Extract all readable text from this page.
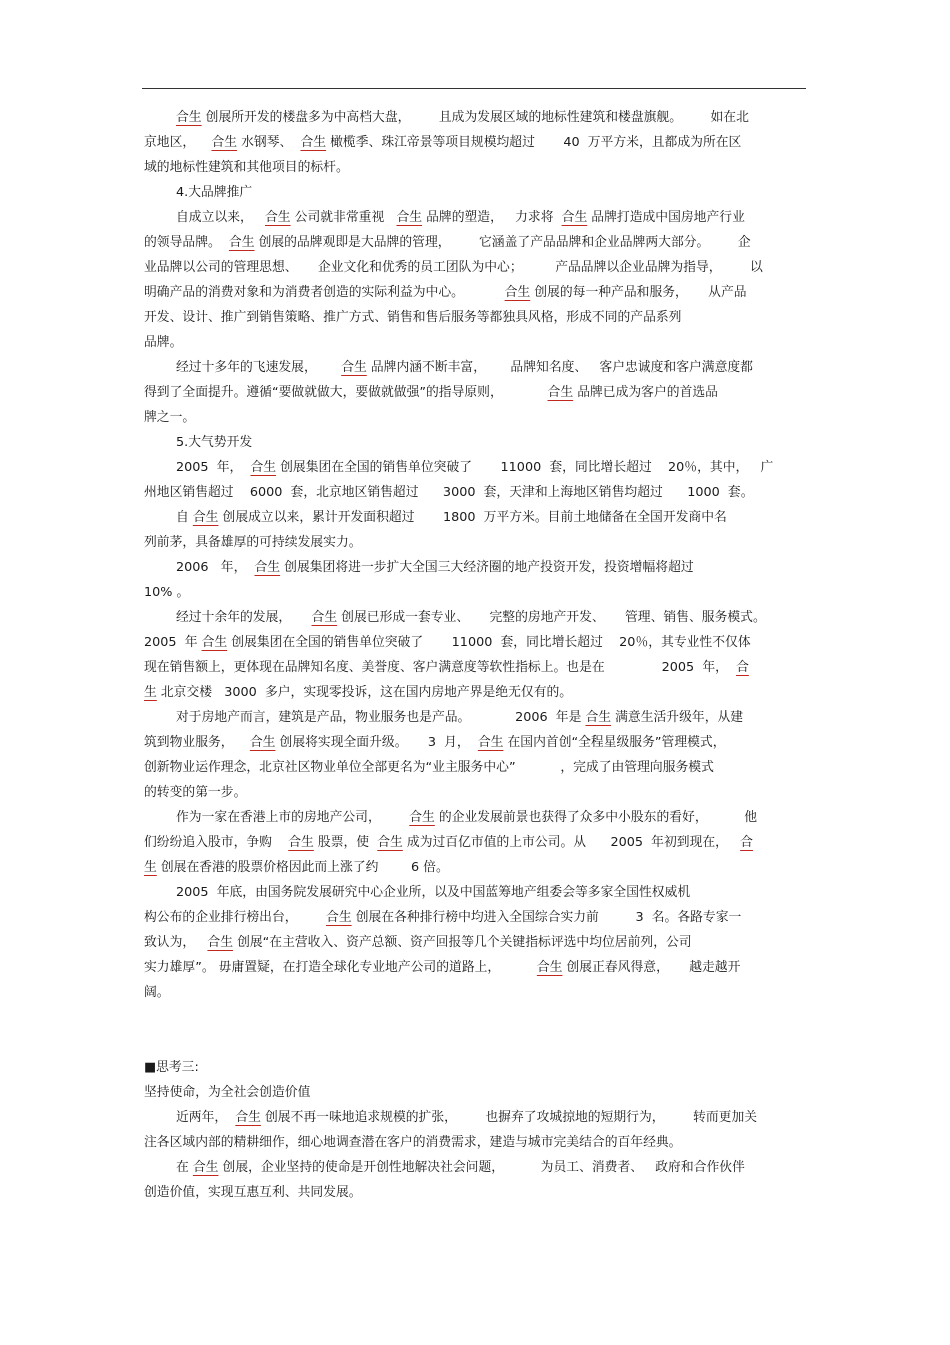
合生 创展所开发的楼盘多为中高档大盘，       且成为发展区域的地标性建筑和楼盘旗舰。       如在北
京地区，    合生 水钢琴、  合生 橄榄季、珠江帝景等项目规模均超过       40  万平方米，且都成为所在区
域的地标性建筑和其他项目的标杆。
4.大品牌推广
自成立以来，   合生 公司就非常重视   合生 品牌的塑造，   力求将  合生 品牌打造成中国房地产行业
的领导品牌。  合生 创展的品牌观即是大品牌的管理，       它涵盖了产品品牌和企业品牌两大部分。       企
业品牌以公司的管理思想、     企业文化和优秀的员工团队为中心；        产品品牌以企业品牌为指导，       以
明确产品的消费对象和为消费者创造的实际利益为中心。          合生 创展的每一种产品和服务，     从产品
开发、设计、推广到销售策略、推广方式、销售和售后服务等都独具风格，形成不同的产品系列
品牌。
经过十多年的飞速发展，      合生 品牌内涵不断丰富，      品牌知名度、   客户忠诚度和客户满意度都
得到了全面提升。遵循“要做就做大，要做就做强”的指导原则，           合生 品牌已成为客户的首选品
牌之一。
5.大气势开发
2005  年，  合生 创展集团在全国的销售单位突破了       11000  套，同比增长超过    20％，其中，   广
州地区销售超过    6000  套，北京地区销售超过      3000  套，天津和上海地区销售均超过      1000  套。
自 合生 创展成立以来，累计开发面积超过       1800  万平方米。目前土地储备在全国开发商中名
列前茅，具备雄厚的可持续发展实力。
2006   年，  合生 创展集团将进一步扩大全国三大经济圈的地产投资开发，投资增幅将超过
10% 。
经过十余年的发展，     合生 创展已形成一套专业、     完整的房地产开发、     管理、销售、服务模式。
2005  年 合生 创展集团在全国的销售单位突破了       11000  套，同比增长超过    20％，其专业性不仅体
现在销售额上，更体现在品牌知名度、美誉度、客户满意度等软性指标上。也是在              2005  年，  合
生 北京交楼   3000  多户，实现零投诉，这在国内房地产界是绝无仅有的。
对于房地产而言，建筑是产品，物业服务也是产品。           2006  年是 合生 满意生活升级年，从建
筑到物业服务，    合生 创展将实现全面升级。     3  月，  合生 在国内首创“全程星级服务”管理模式，
创新物业运作理念，北京社区物业单位全部更名为“业主服务中心”           ，完成了由管理向服务模式
的转变的第一步。
作为一家在香港上市的房地产公司，       合生 的企业发展前景也获得了众多中小股东的看好，         他
们纷纷追入股市，争购    合生 股票，使  合生 成为过百亿市值的上市公司。从      2005  年初到现在，   合
生 创展在香港的股票价格因此而上涨了约        6 倍。
2005  年底，由国务院发展研究中心企业所，以及中国蓝筹地产组委会等多家全国性权威机
构公布的企业排行榜出台，       合生 创展在各种排行榜中均进入全国综合实力前         3  名。各路专家一
致认为，   合生 创展“在主营收入、资产总额、资产回报等几个关键指标评选中均位居前列，公司
实力雄厚”。 毋庸置疑，在打造全球化专业地产公司的道路上，         合生 创展正春风得意，     越走越开
阔。
■思考三:
坚持使命，为全社会创造价值
近两年，  合生 创展不再一味地追求规模的扩张，       也摒弃了攻城掠地的短期行为，       转而更加关
注各区域内部的精耕细作，细心地调查潜在客户的消费需求，建造与城市完美结合的百年经典。
在 合生 创展，企业坚持的使命是开创性地解决社会问题，         为员工、消费者、   政府和合作伙伴
创造价值，实现互惠互利、共同发展。
